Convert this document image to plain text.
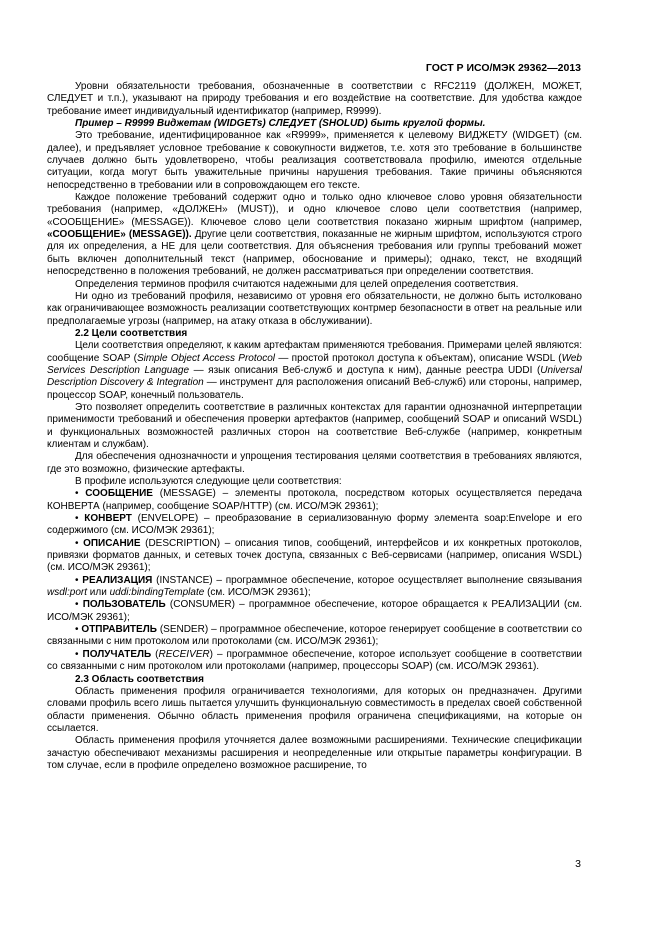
ГОСТ Р ИСО/МЭК 29362—2013

Уровни обязательности требования, обозначенные в соответствии с RFC2119 (ДОЛЖЕН, МОЖЕТ, СЛЕДУЕТ и т.п.), указывают на природу требования и его воздействие на соответствие. Для удобства каждое требование имеет индивидуальный идентификатор (например, R9999).

Пример – R9999 Виджетам (WIDGETs) СЛЕДУЕТ (SHOLUD) быть круглой формы.

Это требование, идентифицированное как «R9999», применяется к целевому ВИДЖЕТУ (WIDGET) (см. далее), и предъявляет условное требование к совокупности виджетов, т.е. хотя это требование в большинстве случаев должно быть удовлетворено, чтобы реализация соответствовала профилю, имеются отдельные ситуации, когда могут быть уважительные причины нарушения требования. Такие причины объясняются непосредственно в требовании или в сопровождающем его тексте.

Каждое положение требований содержит одно и только одно ключевое слово уровня обязательности требования (например, «ДОЛЖЕН» (MUST)), и одно ключевое слово цели соответствия (например, «СООБЩЕНИЕ» (MESSAGE)). Ключевое слово цели соответствия показано жирным шрифтом (например, «СООБЩЕНИЕ» (MESSAGE)). Другие цели соответствия, показанные не жирным шрифтом, используются строго для их определения, а НЕ для цели соответствия. Для объяснения требования или группы требований может быть включен дополнительный текст (например, обоснование и примеры); однако, текст, не входящий непосредственно в положения требований, не должен рассматриваться при определении соответствия.

Определения терминов профиля считаются надежными для целей определения соответствия.

Ни одно из требований профиля, независимо от уровня его обязательности, не должно быть истолковано как ограничивающее возможность реализации соответствующих контрмер безопасности в ответ на реальные или предполагаемые угрозы (например, на атаку отказа в обслуживании).

2.2 Цели соответствия

Цели соответствия определяют, к каким артефактам применяются требования. Примерами целей являются: сообщение SOAP (Simple Object Access Protocol — простой протокол доступа к объектам), описание WSDL (Web Services Description Language — язык описания Веб-служб и доступа к ним), данные реестра UDDI (Universal Description Discovery & Integration — инструмент для расположения описаний Веб-служб) или стороны, например, процессор SOAP, конечный пользователь.

Это позволяет определить соответствие в различных контекстах для гарантии однозначной интерпретации применимости требований и обеспечения проверки артефактов (например, сообщений SOAP и описаний WSDL) и функциональных возможностей различных сторон на соответствие Веб-службе (например, конкретным клиентам и службам).

Для обеспечения однозначности и упрощения тестирования целями соответствия в требованиях являются, где это возможно, физические артефакты.

В профиле используются следующие цели соответствия:

• СООБЩЕНИЕ (MESSAGE) – элементы протокола, посредством которых осуществляется передача КОНВЕРТА (например, сообщение SOAP/HTTP) (см. ИСО/МЭК 29361);

• КОНВЕРТ (ENVELOPE) – преобразование в сериализованную форму элемента soap:Envelope и его содержимого (см. ИСО/МЭК 29361);

• ОПИСАНИЕ (DESCRIPTION) – описания типов, сообщений, интерфейсов и их конкретных протоколов, привязки форматов данных, и сетевых точек доступа, связанных с Веб-сервисами (например, описания WSDL) (см. ИСО/МЭК 29361);

• РЕАЛИЗАЦИЯ (INSTANCE) – программное обеспечение, которое осуществляет выполнение связывания wsdl:port или uddi:bindingTemplate (см. ИСО/МЭК 29361);

• ПОЛЬЗОВАТЕЛЬ (CONSUMER) – программное обеспечение, которое обращается к РЕАЛИЗАЦИИ (см. ИСО/МЭК 29361);

• ОТПРАВИТЕЛЬ (SENDER) – программное обеспечение, которое генерирует сообщение в соответствии со связанными с ним протоколом или протоколами (см. ИСО/МЭК 29361);

• ПОЛУЧАТЕЛЬ (RECEIVER) – программное обеспечение, которое использует сообщение в соответствии со связанными с ним протоколом или протоколами (например, процессоры SOAP) (см. ИСО/МЭК 29361).

2.3 Область соответствия

Область применения профиля ограничивается технологиями, для которых он предназначен. Другими словами профиль всего лишь пытается улучшить функциональную совместимость в пределах своей собственной области применения. Обычно область применения профиля ограничена спецификациями, на которые он ссылается.

Область применения профиля уточняется далее возможными расширениями. Технические спецификации зачастую обеспечивают механизмы расширения и неопределенные или открытые параметры конфигурации. В том случае, если в профиле определено возможное расширение, то

3
